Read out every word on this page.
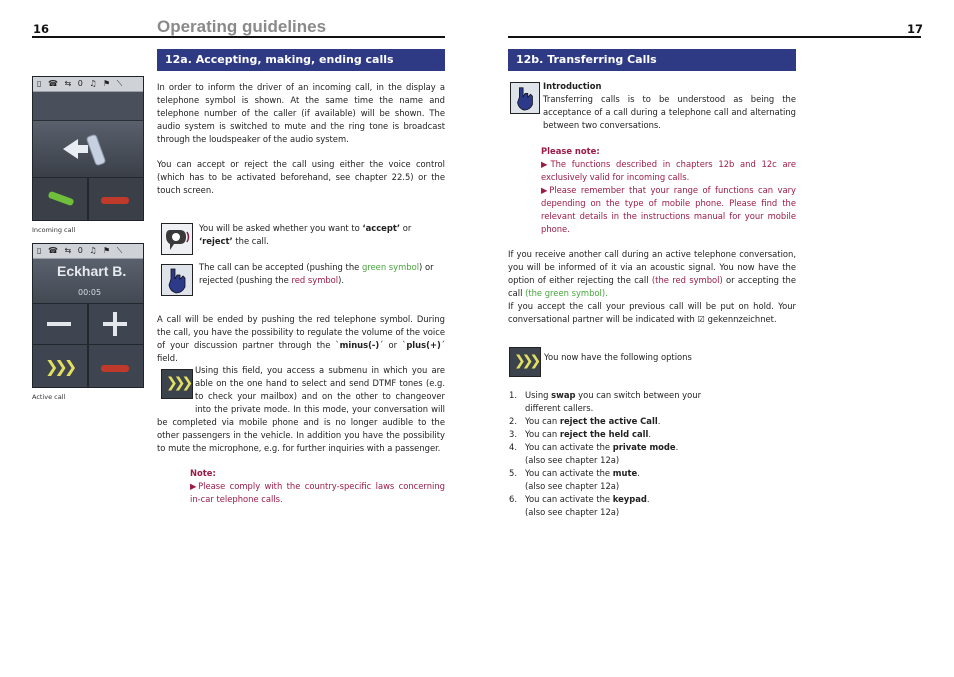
16	Operating guidelines
12a. Accepting, making, ending calls
▯ ☎ ⇆ 0 ♫ ⚑ ⟍
Incoming call
▯ ☎ ⇆ 0 ♫ ⚑ ⟍
Eckhart B.
00:05
❯❯❯
Active call
In order to inform the driver of an incoming call, in the display a telephone symbol is shown. At the same time the name and telephone number of the caller (if available) will be shown. The audio system is switched to mute and the ring tone is broadcast through the loudspeaker of the audio system.
You can accept or reject the call using either the voice control (which has to be activated beforehand, see chapter 22.5) or the touch screen.
You will be asked whether you want to ‘accept’ or ‘reject’ the call.
The call can be accepted (pushing the green symbol) or rejected (pushing the red symbol).
A call will be ended by pushing the red telephone symbol. During the call, you have the possibility to regulate the volume of the voice of your discussion partner through the `minus(-)´ or `plus(+)´ field.
❯❯❯
Using this field, you access a submenu in which you are able on the one hand to select and send DTMF tones (e.g. to check your mailbox) and on the other to changeover into the private mode. In this mode, your conversation will be completed via mobile phone and is no longer audible to the other passengers in the vehicle. In addition you have the possibility to mute the microphone, e.g. for further inquiries with a passenger.

Note:

▶Please comply with the country-specific laws concerning in-car telephone calls.

17
12b. Transferring Calls

Introduction

Transferring calls is to be understood as being the acceptance of a call during a telephone call and alternating between two conversations.

Please note:

▶The functions described in chapters 12b and 12c are exclusively valid for incoming calls.

▶Please remember that your range of functions can vary depending on the type of mobile phone. Please find the relevant details in the instructions manual for your mobile phone.

If you receive another call during an active telephone conversation, you will be informed of it via an acoustic signal. You now have the option of either rejecting the call (the red symbol) or accepting the call (the green symbol).

If you accept the call your previous call will be put on hold. Your conversational partner will be indicated with ☑ gekennzeichnet.

❯❯❯ You now have the following options
1. Using swap you can switch between your
different callers.
2. You can reject the active Call.
3. You can reject the held call.
4. You can activate the private mode.
(also see chapter 12a)
5. You can activate the mute.
(also see chapter 12a)
6. You can activate the keypad.
(also see chapter 12a)
